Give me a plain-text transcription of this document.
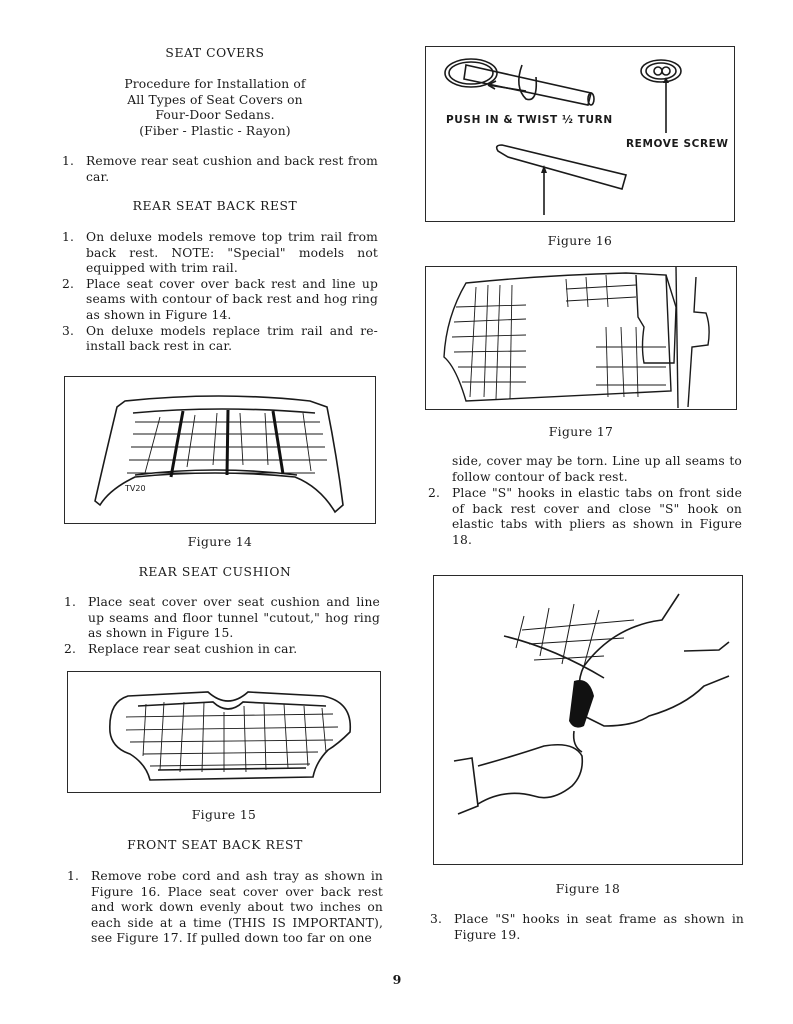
SEAT COVERS
Procedure for Installation of
All Types of Seat Covers on
Four-Door Sedans.
(Fiber - Plastic - Rayon)
1. Remove rear seat cushion and back rest from car.
REAR SEAT BACK REST
1. On deluxe models remove top trim rail from back rest. NOTE: "Special" models not equipped with trim rail.
2. Place seat cover over back rest and line up seams with contour of back rest and hog ring as shown in Figure 14.
3. On deluxe models replace trim rail and re-install back rest in car.
TV20
Figure 14
REAR SEAT CUSHION
1. Place seat cover over seat cushion and line up seams and floor tunnel "cutout," hog ring as shown in Figure 15.
2. Replace rear seat cushion in car.
Figure 15
FRONT SEAT BACK REST
1. Remove robe cord and ash tray as shown in Figure 16. Place seat cover over back rest and work down evenly about two inches on each side at a time (THIS IS IMPORTANT), see Figure 17. If pulled down too far on one
PUSH IN & TWIST ½ TURN
REMOVE SCREW
Figure 16
Figure 17
side, cover may be torn. Line up all seams to follow contour of back rest.
2. Place "S" hooks in elastic tabs on front side of back rest cover and close "S" hook on elastic tabs with pliers as shown in Figure 18.
Figure 18
3. Place "S" hooks in seat frame as shown in Figure 19.
9
